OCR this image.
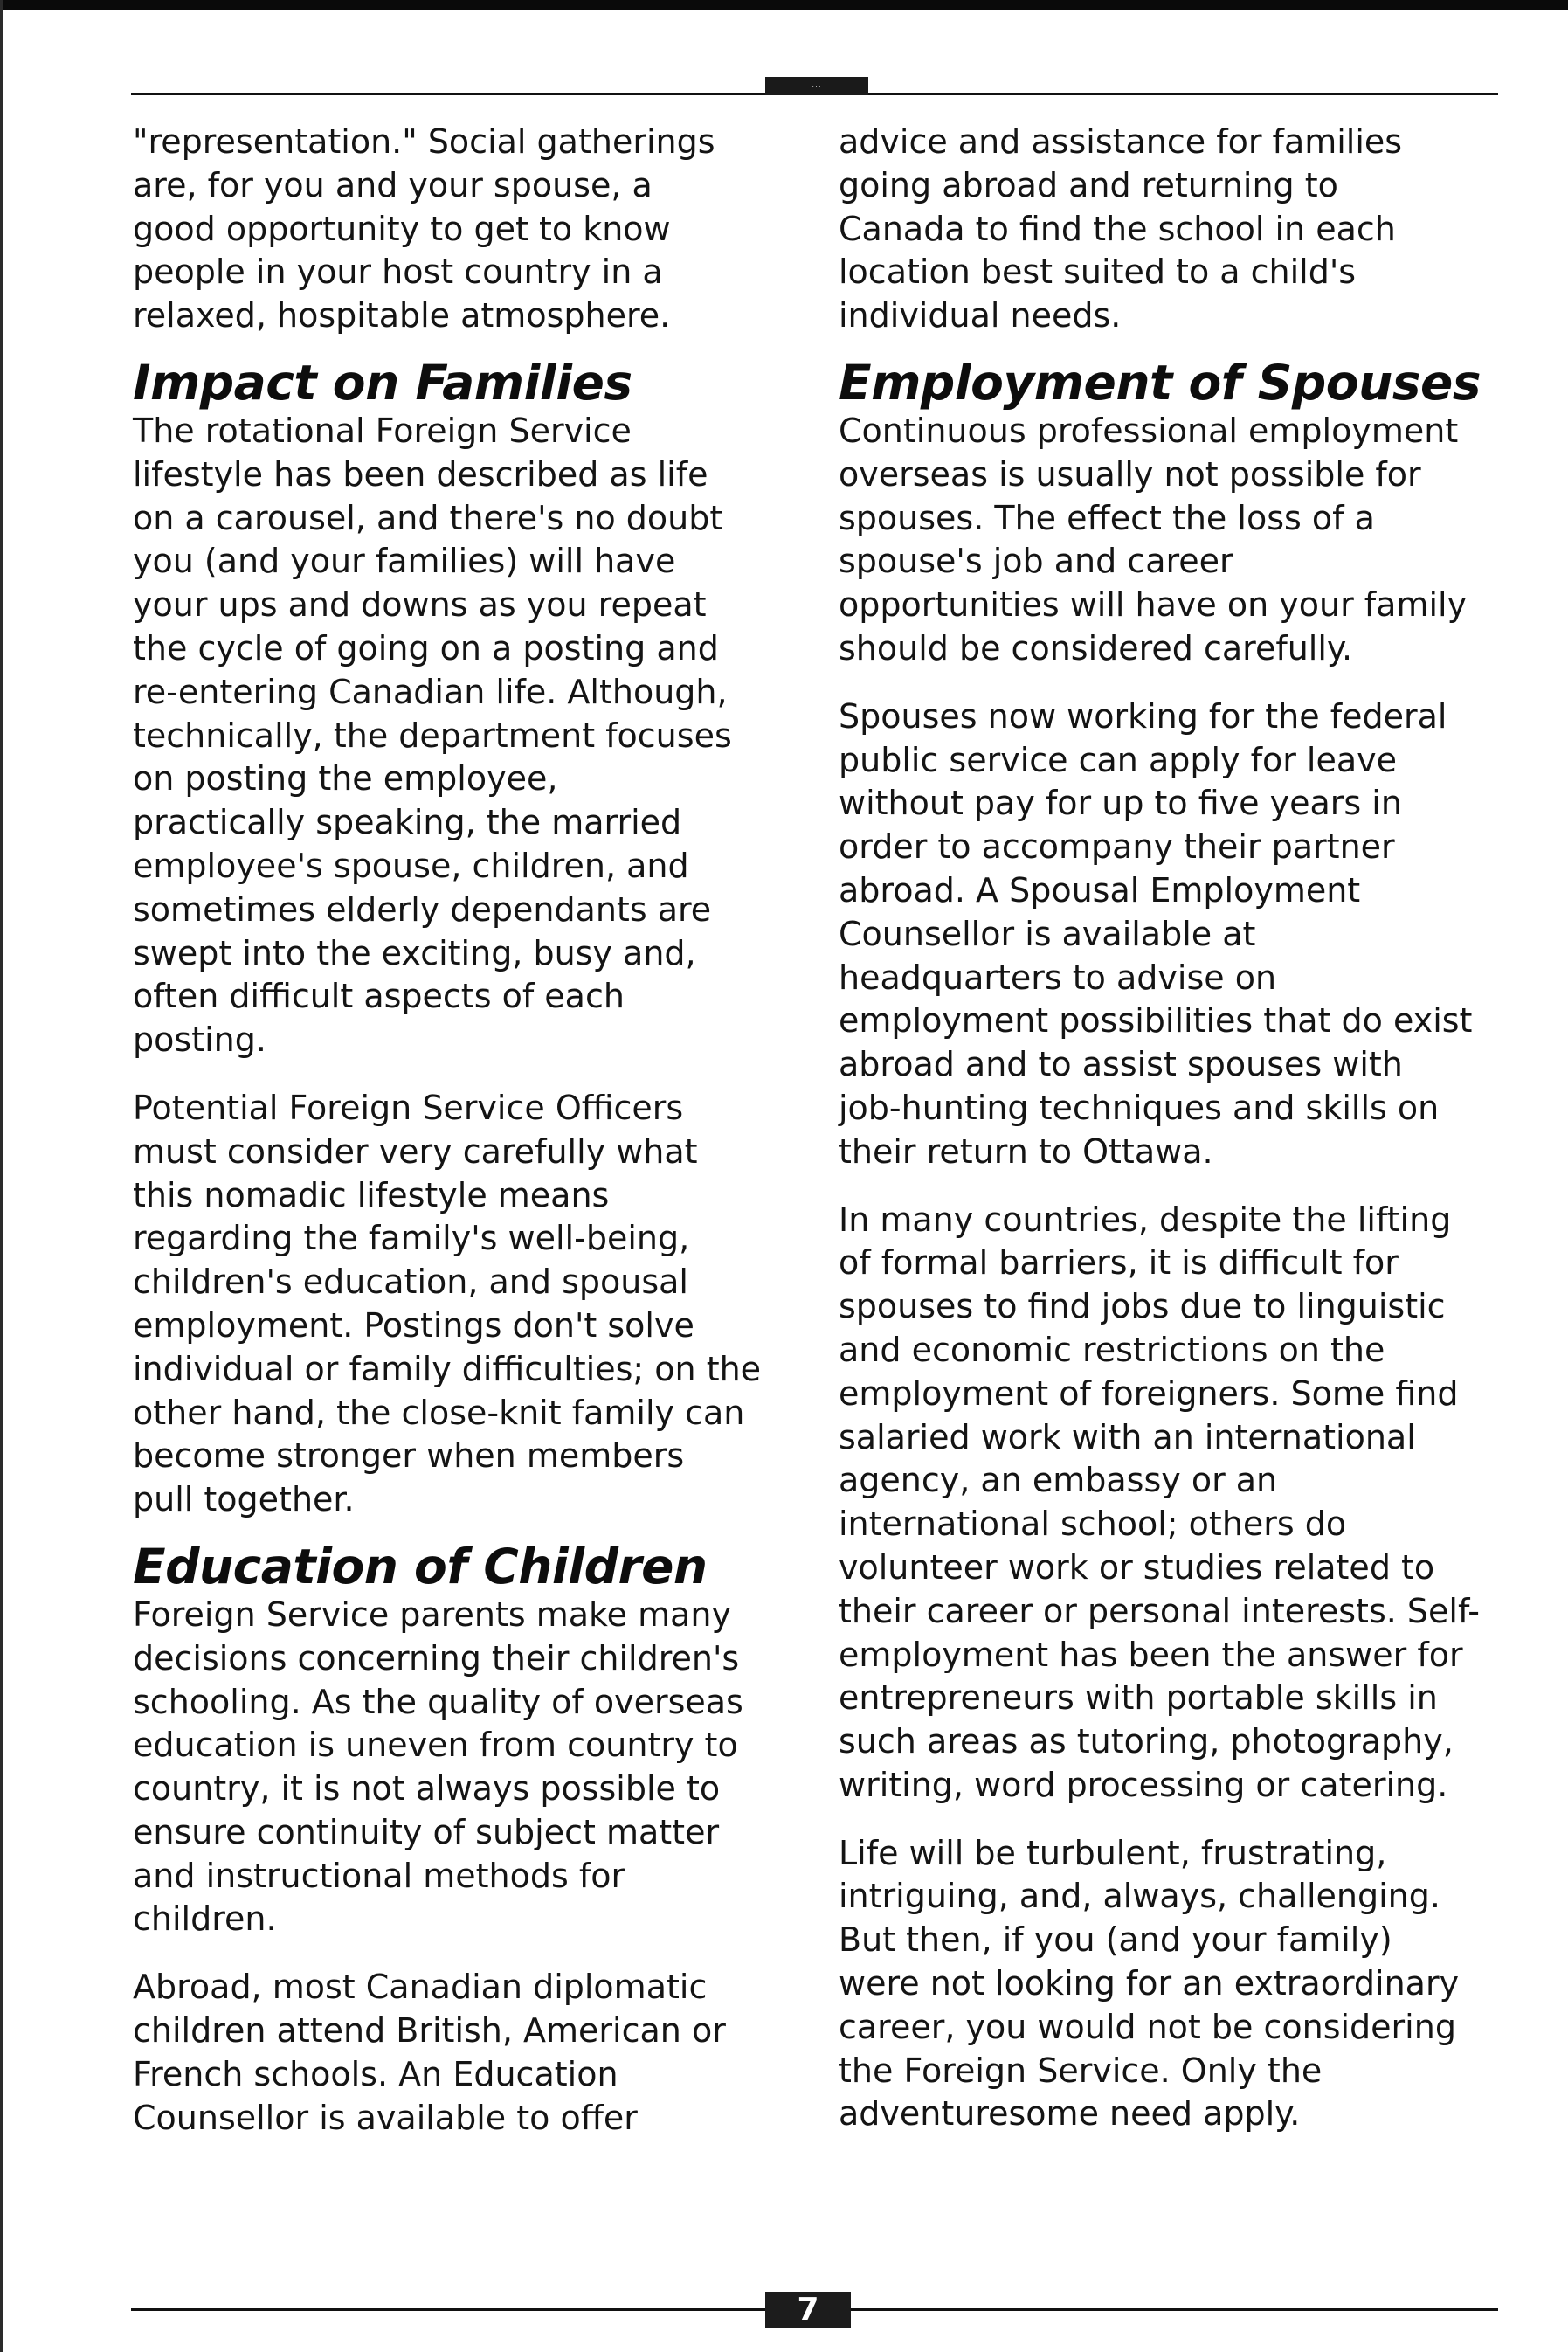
...

"representation." Social gatherings
are, for you and your spouse, a
good opportunity to get to know
people in your host country in a
relaxed, hospitable atmosphere.

Impact on Families

The rotational Foreign Service
lifestyle has been described as life
on a carousel, and there's no doubt
you (and your families) will have
your ups and downs as you repeat
the cycle of going on a posting and
re-entering Canadian life. Although,
technically, the department focuses
on posting the employee,
practically speaking, the married
employee's spouse, children, and
sometimes elderly dependants are
swept into the exciting, busy and,
often difficult aspects of each
posting.

Potential Foreign Service Officers
must consider very carefully what
this nomadic lifestyle means
regarding the family's well-being,
children's education, and spousal
employment. Postings don't solve
individual or family difficulties; on the
other hand, the close-knit family can
become stronger when members
pull together.

Education of Children

Foreign Service parents make many
decisions concerning their children's
schooling. As the quality of overseas
education is uneven from country to
country, it is not always possible to
ensure continuity of subject matter
and instructional methods for
children.

Abroad, most Canadian diplomatic
children attend British, American or
French schools. An Education
Counsellor is available to offer

advice and assistance for families
going abroad and returning to
Canada to find the school in each
location best suited to a child's
individual needs.

Employment of Spouses

Continuous professional employment
overseas is usually not possible for
spouses. The effect the loss of a
spouse's job and career
opportunities will have on your family
should be considered carefully.

Spouses now working for the federal
public service can apply for leave
without pay for up to five years in
order to accompany their partner
abroad. A Spousal Employment
Counsellor is available at
headquarters to advise on
employment possibilities that do exist
abroad and to assist spouses with
job-hunting techniques and skills on
their return to Ottawa.

In many countries, despite the lifting
of formal barriers, it is difficult for
spouses to find jobs due to linguistic
and economic restrictions on the
employment of foreigners. Some find
salaried work with an international
agency, an embassy or an
international school; others do
volunteer work or studies related to
their career or personal interests. Self-
employment has been the answer for
entrepreneurs with portable skills in
such areas as tutoring, photography,
writing, word processing or catering.

Life will be turbulent, frustrating,
intriguing, and, always, challenging.
But then, if you (and your family)
were not looking for an extraordinary
career, you would not be considering
the Foreign Service. Only the
adventuresome need apply.

7
